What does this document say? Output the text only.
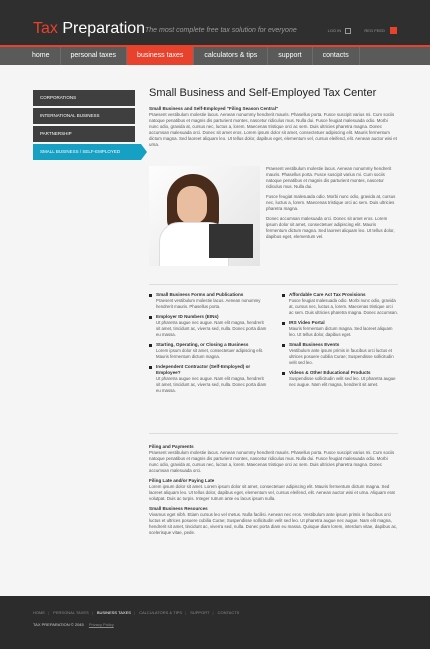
Tax Preparation The most complete free tax solution for everyone	LOG IN	REG FEED
home	personal taxes	business taxes	calculators & tips	support	contacts
CORPORATIONS
INTERNATIONAL BUSINESS
PARTNERSHIP
SMALL BUSINESS / SELF-EMPLOYED
Small Business and Self-Employed Tax Center
Small Business and Self-Employed "Filing Season Central"
Praesent vestibulum molestie lacus. Aenean nonummy hendrerit mauris. Phasellus porta. Fusce suscipit varius mi. Cum sociis natoque penatibus et magnis dis parturient montes, nascetur ridiculus mus. Nulla dui. Fusce feugiat malesuada odio. Morbi nunc odio, gravida at, cursus nec, luctus a, lorem. Maecenas tristique orci ac sem. Duis ultricies pharetra magna. Donec accumsan malesuada orci. Donec sit amet eros. Lorem ipsum dolor sit amet, consectetuer adipiscing elit. Mauris fermentum dictum magna. Sed laoreet aliquam leo. Ut tellus dolor, dapibus eget, elementum vel, cursus eleifend, elit. Aenean auctor wisi et urna.
Praesent vestibulum molestie lacus. Aenean nonummy hendrerit mauris. Phasellus porta. Fusce suscipit varius mi. Cum sociis natoque penatibus et magnis dis parturient montes, nascetur ridiculus mus. Nulla dui.
Fusce feugiat malesuada odio. Morbi nunc odio, gravida at, cursus nec, luctus a, lorem. Maecenas tristique orci ac sem. Duis ultricies pharetra magna.
Donec accumsan malesuada orci. Donec sit amet eros. Lorem ipsum dolor sit amet, consectetuer adipiscing elit. Mauris fermentum dictum magna. Sed laoreet aliquam leo. Ut tellus dolor, dapibus eget, elementum vel.
Small Business Forms and Publications
Praesent vestibulum molestie lacus. Aenean nonummy hendrerit mauris. Phasellus porta.
Employer ID Numbers (EINs)
Ut pharetra augue nec augue. Nam elit magna, hendrerit sit amet, tincidunt ac, viverra sed, nulla. Donec porta diam eu massa.
Starting, Operating, or Closing a Business
Lorem ipsum dolor sit amet, consectetuer adipiscing elit. Mauris fermentum dictum magna.
Independent Contractor (Self-Employed) or Employee?
Ut pharetra augue nec augue. Nam elit magna, hendrerit sit amet, tincidunt ac, viverra sed, nulla. Donec porta diam eu massa.
Affordable Care Act Tax Provisions
Fusce feugiat malesuada odio. Morbi nunc odio, gravida at, cursus nec, luctus a, lorem. Maecenas tristique orci ac sem. Duis ultricies pharetra magna. Donec accumsan.
IRS Video Portal
Mauris fermentum dictum magna. Sed laoreet aliquam leo. Ut tellus dolor, dapibus eget.
Small Business Events
Vestibulum ante ipsum primis in faucibus orci luctus et ultrices posuere cubilia Curae; Suspendisse sollicitudin velit sed leo.
Videos & Other Educational Products
Suspendisse sollicitudin velit sed leo. Ut pharetra augue nec augue. Nam elit magna, hendrerit sit amet.
Filing and Payments
Praesent vestibulum molestie lacus. Aenean nonummy hendrerit mauris. Phasellus porta. Fusce suscipit varius mi. Cum sociis natoque penatibus et magnis dis parturient montes, nascetur ridiculus mus. Nulla dui. Fusce feugiat malesuada odio. Morbi nunc odio, gravida at, cursus nec, luctus a, lorem. Maecenas tristique orci ac sem. Duis ultricies pharetra magna. Donec accumsan malesuada orci.
Filing Late and/or Paying Late
Lorem ipsum dolor sit amet. Lorem ipsum dolor sit amet, consectetuer adipiscing elit. Mauris fermentum dictum magna. Sed laoreet aliquam leo. Ut tellus dolor, dapibus eget, elementum vel, cursus eleifend, elit. Aenean auctor wisi et urna. Aliquam erat volutpat. Duis ac turpis. Integer rutrum ante eu lacus ipsum nulla.
Small Business Resources
Vivamus eget nibh. Etiam cursus leo vel metus. Nulla facilisi. Aenean nec eros. Vestibulum ante ipsum primis in faucibus orci luctus et ultrices posuere cubilia Curae; Suspendisse sollicitudin velit sed leo. Ut pharetra augue nec augue. Nam elit magna, hendrerit sit amet, tincidunt ac, viverra sed, nulla. Donec porta diam eu massa. Quisque diam lorem, interdum vitae, dapibus ac, scelerisque vitae, pede.
HOME | PERSONAL TAXES | BUSINESS TAXES | CALCULATORS & TIPS | SUPPORT | CONTACTS
TAX PREPARATION © 2045 Privacy Policy
